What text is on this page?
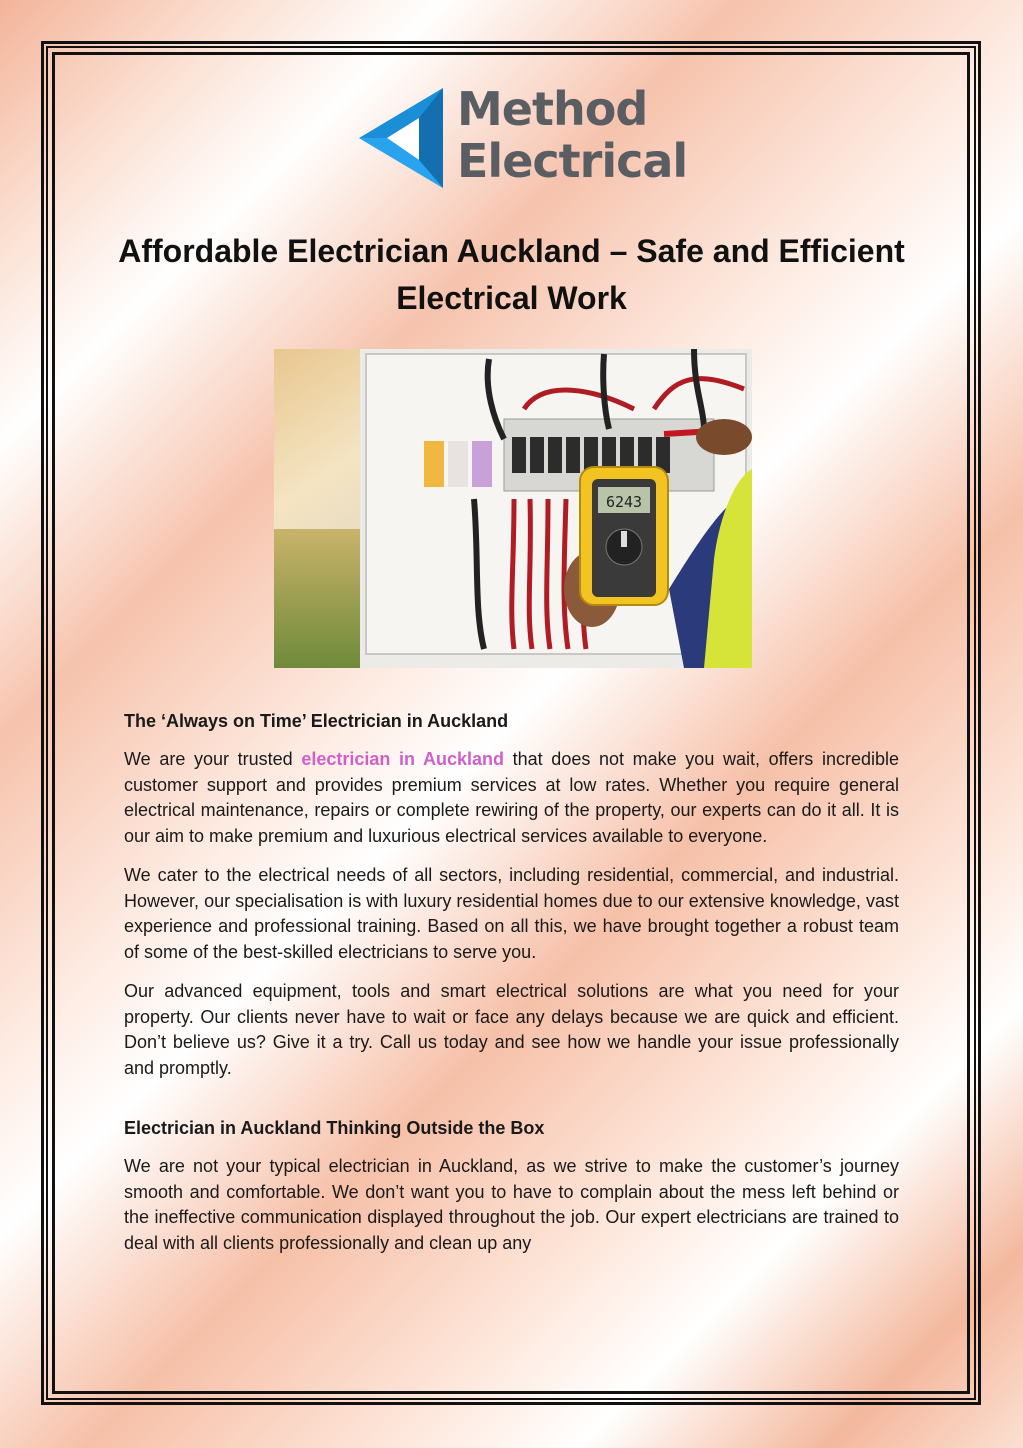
Method
Electrical
Affordable Electrician Auckland – Safe and Efficient Electrical Work
6243
The ‘Always on Time’ Electrician in Auckland

We are your trusted electrician in Auckland that does not make you wait, offers incredible customer support and provides premium services at low rates. Whether you require general electrical maintenance, repairs or complete rewiring of the property, our experts can do it all. It is our aim to make premium and luxurious electrical services available to everyone.

We cater to the electrical needs of all sectors, including residential, commercial, and industrial. However, our specialisation is with luxury residential homes due to our extensive knowledge, vast experience and professional training. Based on all this, we have brought together a robust team of some of the best-skilled electricians to serve you.

Our advanced equipment, tools and smart electrical solutions are what you need for your property. Our clients never have to wait or face any delays because we are quick and efficient. Don’t believe us? Give it a try. Call us today and see how we handle your issue professionally and promptly.

Electrician in Auckland Thinking Outside the Box

We are not your typical electrician in Auckland, as we strive to make the customer’s journey smooth and comfortable. We don’t want you to have to complain about the mess left behind or the ineffective communication displayed throughout the job. Our expert electricians are trained to deal with all clients professionally and clean up any
